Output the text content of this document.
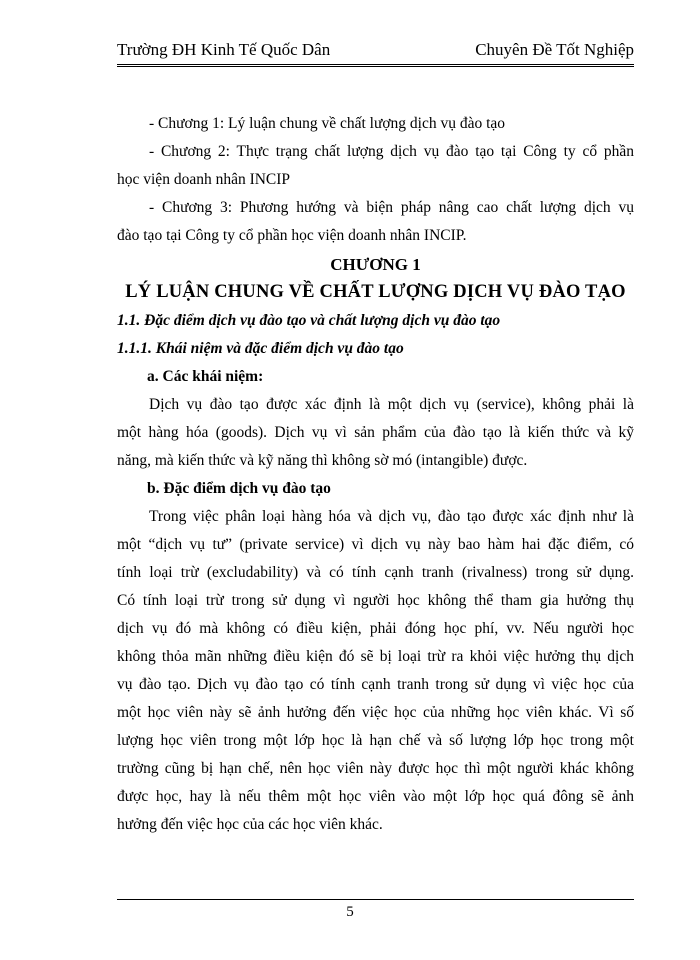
Trường ĐH Kinh Tế Quốc Dân	Chuyên Đề Tốt Nghiệp
- Chương 1: Lý luận chung về chất lượng dịch vụ đào tạo
- Chương 2: Thực trạng chất lượng dịch vụ đào tạo tại Công ty cổ phần
học viện doanh nhân INCIP
- Chương 3: Phương hướng và biện pháp nâng cao chất lượng dịch vụ
đào tạo tại Công ty cổ phần học viện doanh nhân INCIP.
CHƯƠNG 1
LÝ LUẬN CHUNG VỀ CHẤT LƯỢNG DỊCH VỤ ĐÀO TẠO
1.1. Đặc điểm dịch vụ đào tạo và chất lượng dịch vụ đào tạo
1.1.1. Khái niệm và đặc điểm dịch vụ đào tạo
a. Các khái niệm:
Dịch vụ đào tạo được xác định là một dịch vụ (service), không phải là
một hàng hóa (goods). Dịch vụ vì sản phẩm của đào tạo là kiến thức và kỹ
năng, mà kiến thức và kỹ năng thì không sờ mó (intangible) được.
b. Đặc điểm dịch vụ đào tạo
Trong việc phân loại hàng hóa và dịch vụ, đào tạo được xác định như là
một “dịch vụ tư” (private service) vì dịch vụ này bao hàm hai đặc điểm, có
tính loại trừ (excludability) và có tính cạnh tranh (rivalness) trong sử dụng.
Có tính loại trừ trong sử dụng vì người học không thể tham gia hưởng thụ
dịch vụ đó mà không có điều kiện, phải đóng học phí, vv. Nếu người học
không thỏa mãn những điều kiện đó sẽ bị loại trừ ra khỏi việc hưởng thụ dịch
vụ đào tạo. Dịch vụ đào tạo có tính cạnh tranh trong sử dụng vì việc học của
một học viên này sẽ ảnh hưởng đến việc học của những học viên khác. Vì số
lượng học viên trong một lớp học là hạn chế và số lượng lớp học trong một
trường cũng bị hạn chế, nên học viên này được học thì một người khác không
được học, hay là nếu thêm một học viên vào một lớp học quá đông sẽ ảnh
hưởng đến việc học của các học viên khác.
5
